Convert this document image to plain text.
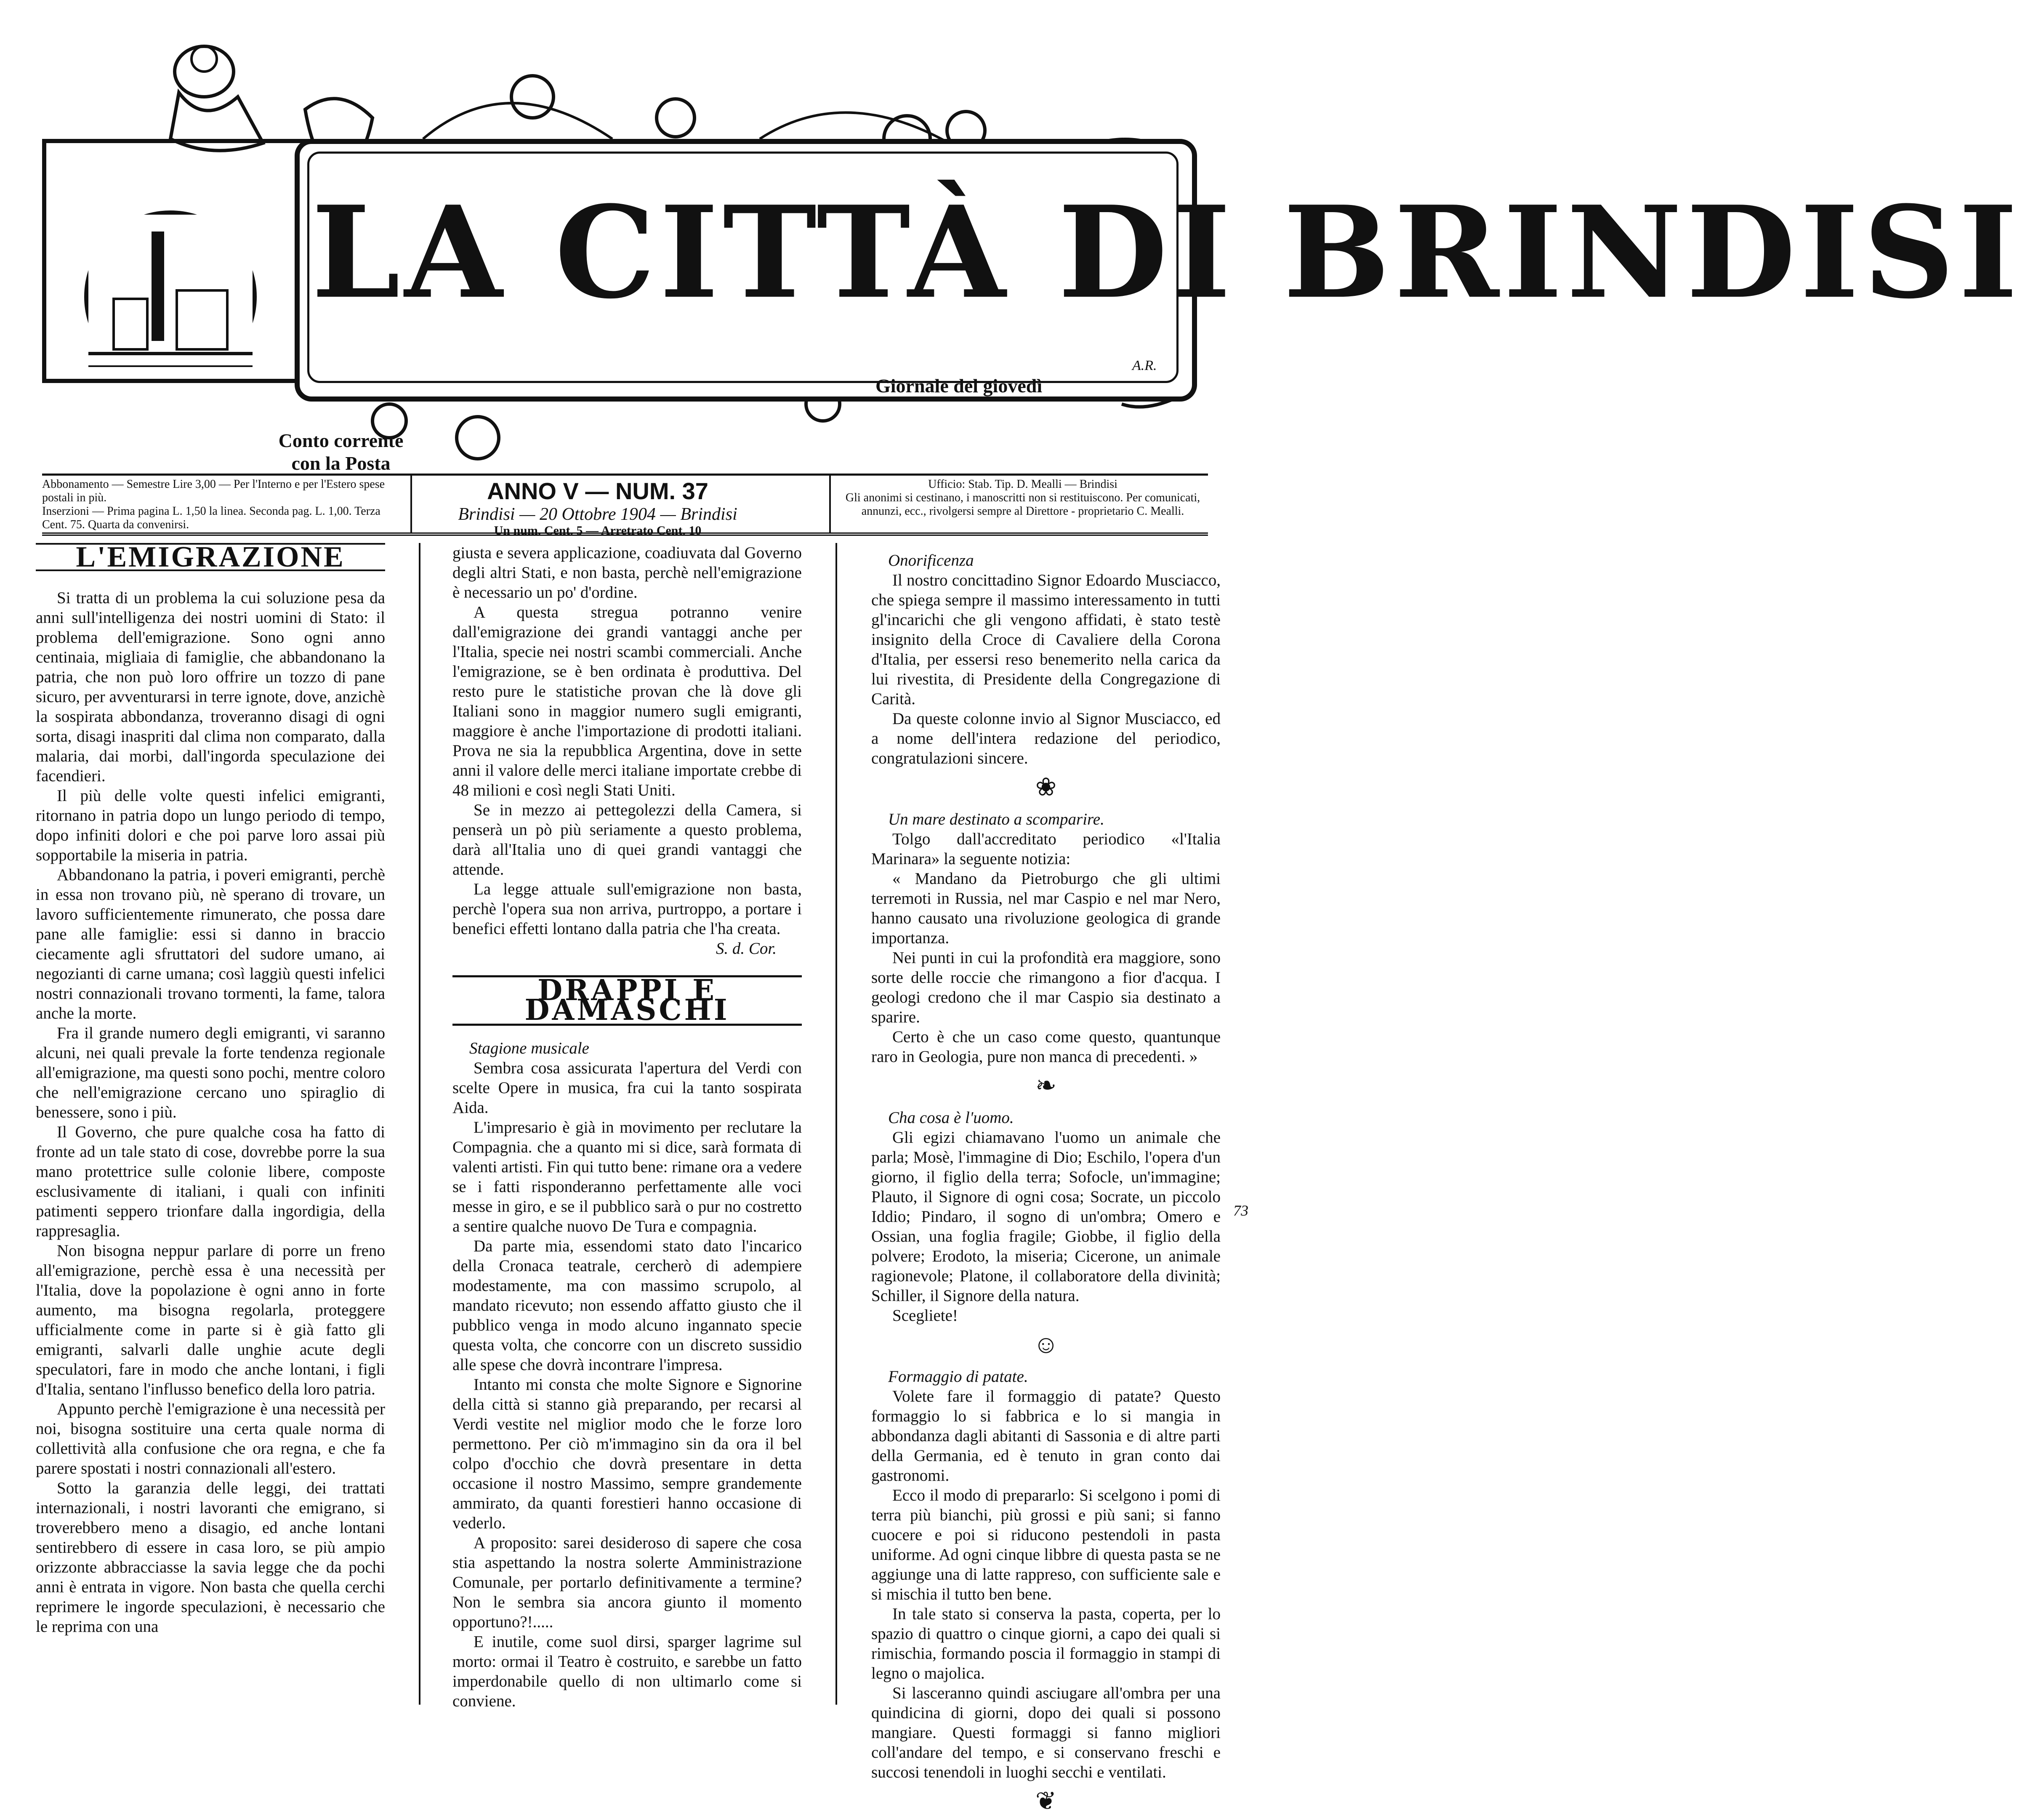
LA CITTÀ DI BRINDISI
Giornale del giovedì
A.R.
Conto corrente
con la Posta
Abbonamento — Semestre Lire 3,00 — Per l'Interno e per l'Estero spese postali in più.
Inserzioni — Prima pagina L. 1,50 la linea. Seconda pag. L. 1,00. Terza Cent. 75. Quarta da convenirsi.
ANNO V — NUM. 37
Brindisi — 20 Ottobre 1904 — Brindisi
Un num. Cent. 5 — Arretrato Cent. 10
Ufficio: Stab. Tip. D. Mealli — Brindisi
Gli anonimi si cestinano, i manoscritti non si restituiscono. Per comunicati, annunzi, ecc., rivolgersi sempre al Direttore - proprietario C. Mealli.
L'EMIGRAZIONE

Si tratta di un problema la cui soluzione pesa da anni sull'intelligenza dei nostri uomini di Stato: il problema dell'emigrazione. Sono ogni anno centinaia, migliaia di famiglie, che abbandonano la patria, che non può loro offrire un tozzo di pane sicuro, per avventurarsi in terre ignote, dove, anzichè la sospirata abbondanza, troveranno disagi di ogni sorta, disagi inaspriti dal clima non comparato, dalla malaria, dai morbi, dall'ingorda speculazione dei facendieri.

Il più delle volte questi infelici emigranti, ritornano in patria dopo un lungo periodo di tempo, dopo infiniti dolori e che poi parve loro assai più sopportabile la miseria in patria.

Abbandonano la patria, i poveri emigranti, perchè in essa non trovano più, nè sperano di trovare, un lavoro sufficientemente rimunerato, che possa dare pane alle famiglie: essi si danno in braccio ciecamente agli sfruttatori del sudore umano, ai negozianti di carne umana; così laggiù questi infelici nostri connazionali trovano tormenti, la fame, talora anche la morte.

Fra il grande numero degli emigranti, vi saranno alcuni, nei quali prevale la forte tendenza regionale all'emigrazione, ma questi sono pochi, mentre coloro che nell'emigrazione cercano uno spiraglio di benessere, sono i più.

Il Governo, che pure qualche cosa ha fatto di fronte ad un tale stato di cose, dovrebbe porre la sua mano protettrice sulle colonie libere, composte esclusivamente di italiani, i quali con infiniti patimenti seppero trionfare dalla ingordigia, della rappresaglia.

Non bisogna neppur parlare di porre un freno all'emigrazione, perchè essa è una necessità per l'Italia, dove la popolazione è ogni anno in forte aumento, ma bisogna regolarla, proteggere ufficialmente come in parte si è già fatto gli emigranti, salvarli dalle unghie acute degli speculatori, fare in modo che anche lontani, i figli d'Italia, sentano l'influsso benefico della loro patria.

Appunto perchè l'emigrazione è una necessità per noi, bisogna sostituire una certa quale norma di collettività alla confusione che ora regna, e che fa parere spostati i nostri connazionali all'estero.

Sotto la garanzia delle leggi, dei trattati internazionali, i nostri lavoranti che emigrano, si troverebbero meno a disagio, ed anche lontani sentirebbero di essere in casa loro, se più ampio orizzonte abbracciasse la savia legge che da pochi anni è entrata in vigore. Non basta che quella cerchi reprimere le ingorde speculazioni, è necessario che le reprima con una

giusta e severa applicazione, coadiuvata dal Governo degli altri Stati, e non basta, perchè nell'emigrazione è necessario un po' d'ordine.

A questa stregua potranno venire dall'emigrazione dei grandi vantaggi anche per l'Italia, specie nei nostri scambi commerciali. Anche l'emigrazione, se è ben ordinata è produttiva. Del resto pure le statistiche provan che là dove gli Italiani sono in maggior numero sugli emigranti, maggiore è anche l'importazione di prodotti italiani. Prova ne sia la repubblica Argentina, dove in sette anni il valore delle merci italiane importate crebbe di 48 milioni e così negli Stati Uniti.

Se in mezzo ai pettegolezzi della Camera, si penserà un pò più seriamente a questo problema, darà all'Italia uno di quei grandi vantaggi che attende.

La legge attuale sull'emigrazione non basta, perchè l'opera sua non arriva, purtroppo, a portare i benefici effetti lontano dalla patria che l'ha creata.

S. d. Cor.

DRAPPI E DAMASCHI

Stagione musicale

Sembra cosa assicurata l'apertura del Verdi con scelte Opere in musica, fra cui la tanto sospirata Aida.

L'impresario è già in movimento per reclutare la Compagnia. che a quanto mi si dice, sarà formata di valenti artisti. Fin qui tutto bene: rimane ora a vedere se i fatti risponderanno perfettamente alle voci messe in giro, e se il pubblico sarà o pur no costretto a sentire qualche nuovo De Tura e compagnia.

Da parte mia, essendomi stato dato l'incarico della Cronaca teatrale, cercherò di adempiere modestamente, ma con massimo scrupolo, al mandato ricevuto; non essendo affatto giusto che il pubblico venga in modo alcuno ingannato specie questa volta, che concorre con un discreto sussidio alle spese che dovrà incontrare l'impresa.

Intanto mi consta che molte Signore e Signorine della città si stanno già preparando, per recarsi al Verdi vestite nel miglior modo che le forze loro permettono. Per ciò m'immagino sin da ora il bel colpo d'occhio che dovrà presentare in detta occasione il nostro Massimo, sempre grandemente ammirato, da quanti forestieri hanno occasione di vederlo.

A proposito: sarei desideroso di sapere che cosa stia aspettando la nostra solerte Amministrazione Comunale, per portarlo definitivamente a termine? Non le sembra sia ancora giunto il momento opportuno?!.....

E inutile, come suol dirsi, sparger lagrime sul morto: ormai il Teatro è costruito, e sarebbe un fatto imperdonabile quello di non ultimarlo come si conviene.

Onorificenza

Il nostro concittadino Signor Edoardo Musciacco, che spiega sempre il massimo interessamento in tutti gl'incarichi che gli vengono affidati, è stato testè insignito della Croce di Cavaliere della Corona d'Italia, per essersi reso benemerito nella carica da lui rivestita, di Presidente della Congregazione di Carità.

Da queste colonne invio al Signor Musciacco, ed a nome dell'intera redazione del periodico, congratulazioni sincere.

❀

Un mare destinato a scomparire.

Tolgo dall'accreditato periodico «l'Italia Marinara» la seguente notizia:

« Mandano da Pietroburgo che gli ultimi terremoti in Russia, nel mar Caspio e nel mar Nero, hanno causato una rivoluzione geologica di grande importanza.

Nei punti in cui la profondità era maggiore, sono sorte delle roccie che rimangono a fior d'acqua. I geologi credono che il mar Caspio sia destinato a sparire.

Certo è che un caso come questo, quantunque raro in Geologia, pure non manca di precedenti. »

❧

Cha cosa è l'uomo.

Gli egizi chiamavano l'uomo un animale che parla; Mosè, l'immagine di Dio; Eschilo, l'opera d'un giorno, il figlio della terra; Sofocle, un'immagine; Plauto, il Signore di ogni cosa; Socrate, un piccolo Iddio; Pindaro, il sogno di un'ombra; Omero e Ossian, una foglia fragile; Giobbe, il figlio della polvere; Erodoto, la miseria; Cicerone, un animale ragionevole; Platone, il collaboratore della divinità; Schiller, il Signore della natura.

Scegliete!

☺

Formaggio di patate.

Volete fare il formaggio di patate? Questo formaggio lo si fabbrica e lo si mangia in abbondanza dagli abitanti di Sassonia e di altre parti della Germania, ed è tenuto in gran conto dai gastronomi.

Ecco il modo di prepararlo: Si scelgono i pomi di terra più bianchi, più grossi e più sani; si fanno cuocere e poi si riducono pestendoli in pasta uniforme. Ad ogni cinque libbre di questa pasta se ne aggiunge una di latte rappreso, con sufficiente sale e si mischia il tutto ben bene.

In tale stato si conserva la pasta, coperta, per lo spazio di quattro o cinque giorni, a capo dei quali si rimischia, formando poscia il formaggio in stampi di legno o majolica.

Si lasceranno quindi asciugare all'ombra per una quindicina di giorni, dopo dei quali si possono mangiare. Questi formaggi si fanno migliori coll'andare del tempo, e si conservano freschi e succosi tenendoli in luoghi secchi e ventilati.

❦
73
